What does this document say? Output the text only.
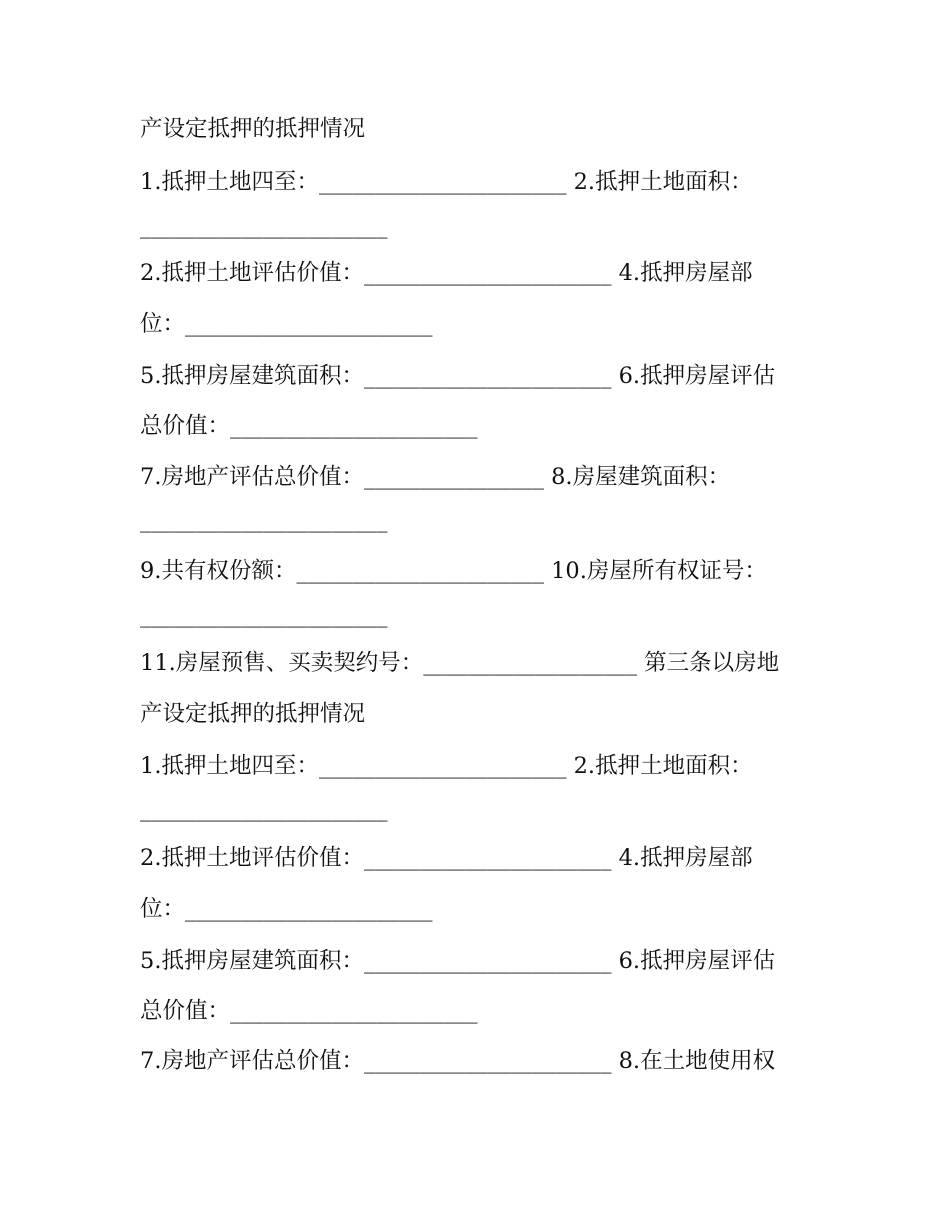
产设定抵押的抵押情况
1.抵押土地四至：______________________ 2.抵押土地面积：
______________________
2.抵押土地评估价值：______________________ 4.抵押房屋部
位：______________________
5.抵押房屋建筑面积：______________________ 6.抵押房屋评估
总价值：______________________
7.房地产评估总价值：________________ 8.房屋建筑面积：
______________________
9.共有权份额：______________________ 10.房屋所有权证号：
______________________
11.房屋预售、买卖契约号：___________________ 第三条以房地
产设定抵押的抵押情况
1.抵押土地四至：______________________ 2.抵押土地面积：
______________________
2.抵押土地评估价值：______________________ 4.抵押房屋部
位：______________________
5.抵押房屋建筑面积：______________________ 6.抵押房屋评估
总价值：______________________
7.房地产评估总价值：______________________ 8.在土地使用权
